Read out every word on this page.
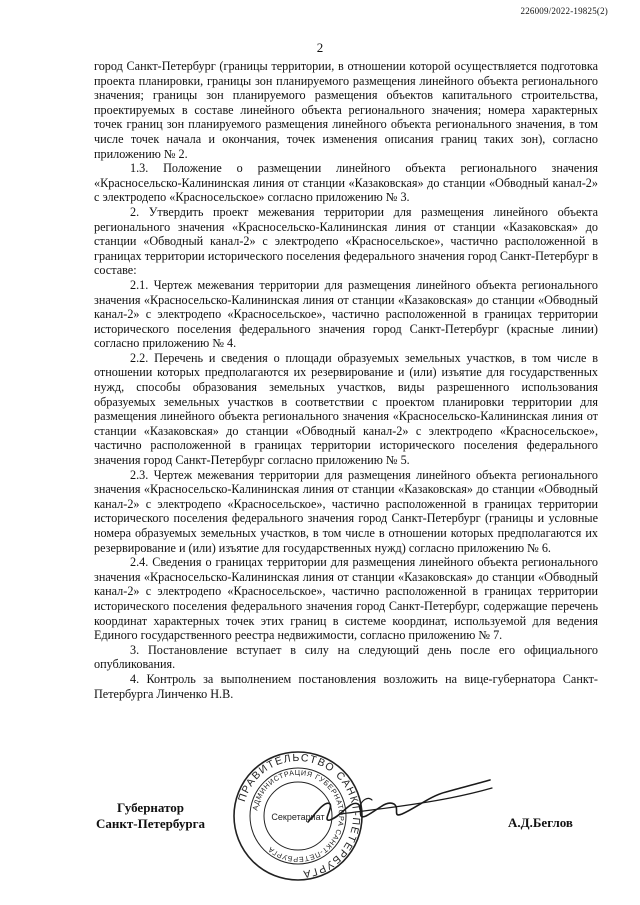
226009/2022-19825(2)
2

город Санкт-Петербург (границы территории, в отношении которой осуществляется подготовка проекта планировки, границы зон планируемого размещения линейного объекта регионального значения; границы зон планируемого размещения объектов капитального строительства, проектируемых в составе линейного объекта регионального значения; номера характерных точек границ зон планируемого размещения линейного объекта регионального значения, в том числе точек начала и окончания, точек изменения описания границ таких зон), согласно приложению № 2.

1.3. Положение о размещении линейного объекта регионального значения «Красносельско-Калининская линия от станции «Казаковская» до станции «Обводный канал-2» с электродепо «Красносельское» согласно приложению № 3.

2. Утвердить проект межевания территории для размещения линейного объекта регионального значения «Красносельско-Калининская линия от станции «Казаковская» до станции «Обводный канал-2» с электродепо «Красносельское», частично расположенной в границах территории исторического поселения федерального значения город Санкт-Петербург в составе:

2.1. Чертеж межевания территории для размещения линейного объекта регионального значения «Красносельско-Калининская линия от станции «Казаковская» до станции «Обводный канал-2» с электродепо «Красносельское», частично расположенной в границах территории исторического поселения федерального значения город Санкт-Петербург (красные линии) согласно приложению № 4.

2.2. Перечень и сведения о площади образуемых земельных участков, в том числе в отношении которых предполагаются их резервирование и (или) изъятие для государственных нужд, способы образования земельных участков, виды разрешенного использования образуемых земельных участков в соответствии с проектом планировки территории для размещения линейного объекта регионального значения «Красносельско-Калининская линия от станции «Казаковская» до станции «Обводный канал-2» с электродепо «Красносельское», частично расположенной в границах территории исторического поселения федерального значения город Санкт-Петербург согласно приложению № 5.

2.3. Чертеж межевания территории для размещения линейного объекта регионального значения «Красносельско-Калининская линия от станции «Казаковская» до станции «Обводный канал-2» с электродепо «Красносельское», частично расположенной в границах территории исторического поселения федерального значения город Санкт-Петербург (границы и условные номера образуемых земельных участков, в том числе в отношении которых предполагаются их резервирование и (или) изъятие для государственных нужд) согласно приложению № 6.

2.4. Сведения о границах территории для размещения линейного объекта регионального значения «Красносельско-Калининская линия от станции «Казаковская» до станции «Обводный канал-2» с электродепо «Красносельское», частично расположенной в границах территории исторического поселения федерального значения город Санкт-Петербург, содержащие перечень координат характерных точек этих границ в системе координат, используемой для ведения Единого государственного реестра недвижимости, согласно приложению № 7.

3. Постановление вступает в силу на следующий день после его официального опубликования.

4. Контроль за выполнением постановления возложить на вице-губернатора Санкт-Петербурга Линченко Н.В.

Губернатор
Санкт-Петербурга
ПРАВИТЕЛЬСТВО САНКТ-ПЕТЕРБУРГА
АДМИНИСТРАЦИЯ ГУБЕРНАТОРА САНКТ-ПЕТЕРБУРГА
Секретариат	А.Д.Беглов
